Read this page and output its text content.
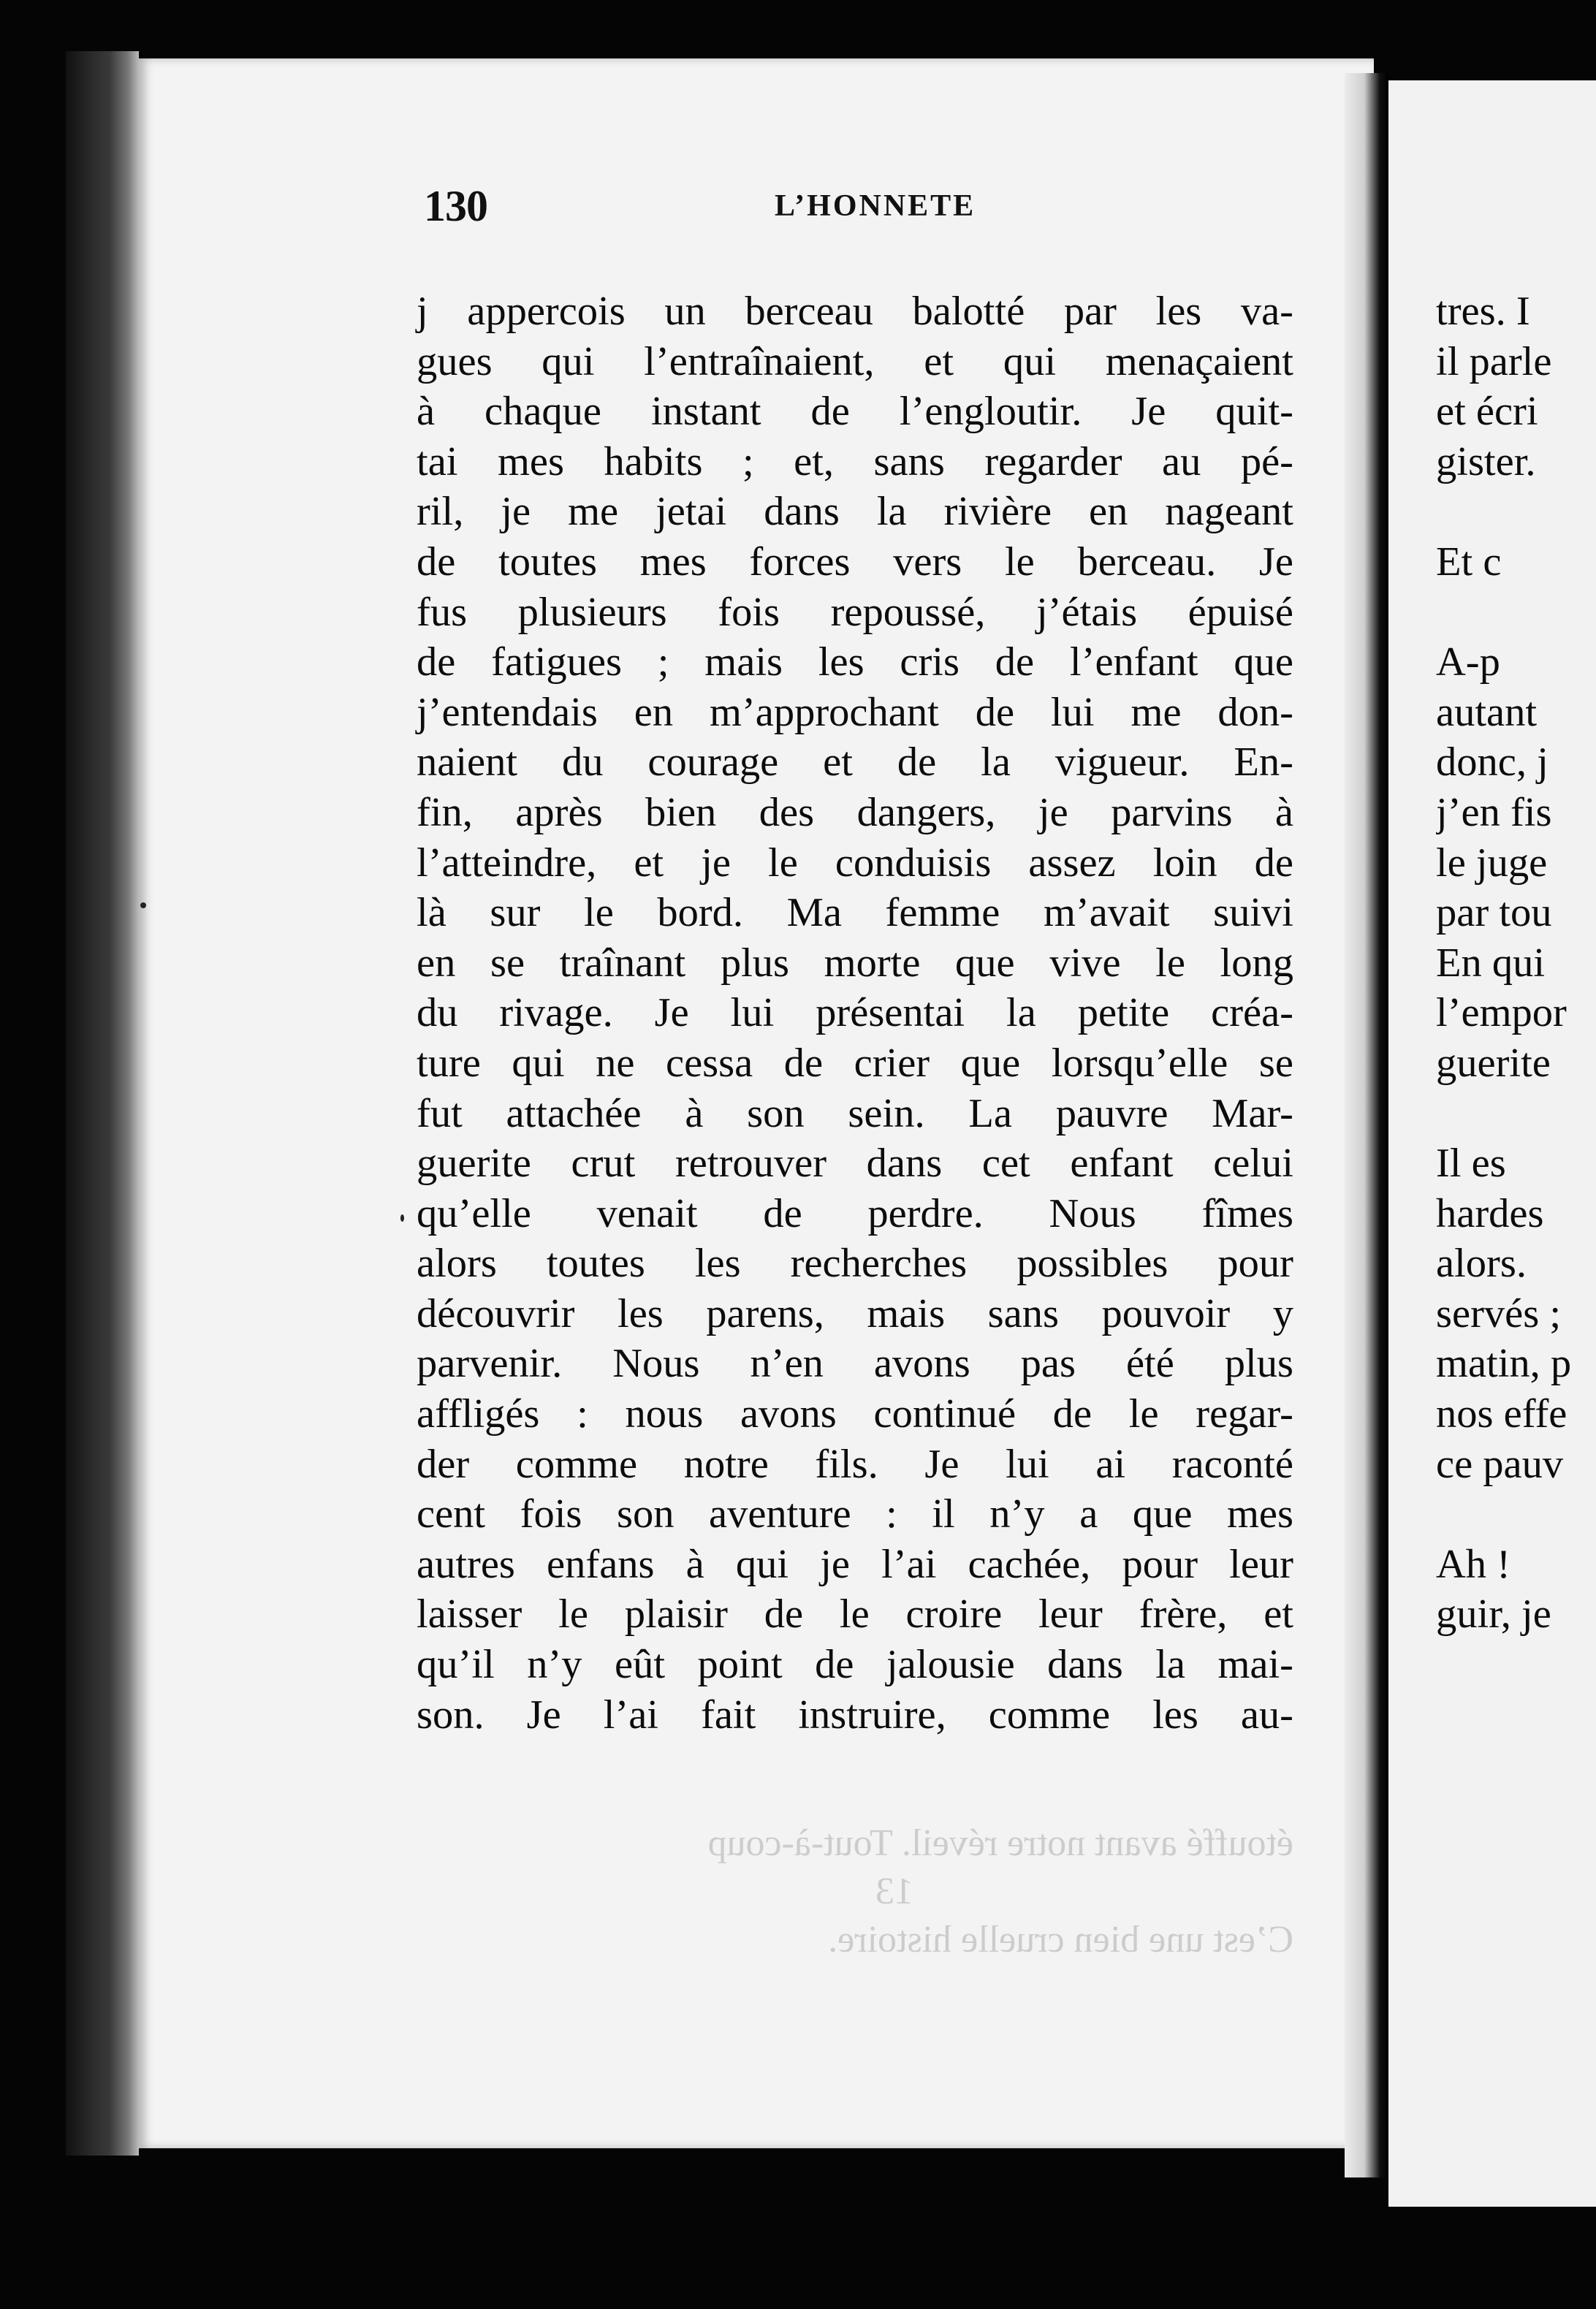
130	L’HONNETE
étouffé avant notre réveil. Tout-à-coup
13
C’est une bien cruelle histoire.
j appercois un berceau balotté par les va-
gues qui l’entraînaient, et qui menaçaient
à chaque instant de l’engloutir. Je quit-
tai mes habits ; et, sans regarder au pé-
ril, je me jetai dans la rivière en nageant
de toutes mes forces vers le berceau. Je
fus plusieurs fois repoussé, j’étais épuisé
de fatigues ; mais les cris de l’enfant que
j’entendais en m’approchant de lui me don-
naient du courage et de la vigueur. En-
fin, après bien des dangers, je parvins à
l’atteindre, et je le conduisis assez loin de
là sur le bord. Ma femme m’avait suivi
en se traînant plus morte que vive le long
du rivage. Je lui présentai la petite créa-
ture qui ne cessa de crier que lorsqu’elle se
fut attachée à son sein. La pauvre Mar-
guerite crut retrouver dans cet enfant celui
qu’elle venait de perdre. Nous fîmes
alors toutes les recherches possibles pour
découvrir les parens, mais sans pouvoir y
parvenir. Nous n’en avons pas été plus
affligés : nous avons continué de le regar-
der comme notre fils. Je lui ai raconté
cent fois son aventure : il n’y a que mes
autres enfans à qui je l’ai cachée, pour leur
laisser le plaisir de le croire leur frère, et
qu’il n’y eût point de jalousie dans la mai-
son. Je l’ai fait instruire, comme les au-
tres. I
il parle
et écri
gister.
Et c
A-p
autant
donc, j
j’en fis
le juge
par tou
En qui
l’empor
guerite
Il es
hardes
alors.
servés ;
matin, p
nos effe
ce pauv
Ah !
guir, je
